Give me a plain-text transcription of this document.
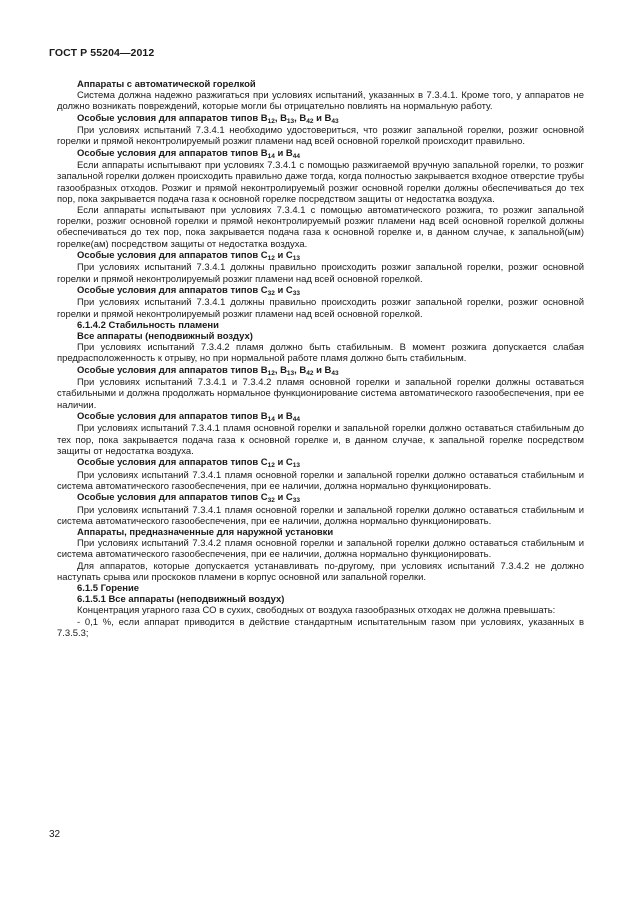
ГОСТ Р 55204—2012

Аппараты с автоматической горелкой

Система должна надежно разжигаться при условиях испытаний, указанных в 7.3.4.1. Кроме того, у аппаратов не должно возникать повреждений, которые могли бы отрицательно повлиять на нормальную работу.

Особые условия для аппаратов типов $В_{12}$, $В_{13}$, $В_{42}$ и $В_{43}$

При условиях испытаний 7.3.4.1 необходимо удостовериться, что розжиг запальной горелки, розжиг основной горелки и прямой неконтролируемый розжиг пламени над всей основной горелкой происходит правильно.

Особые условия для аппаратов типов $В_{14}$ и $В_{44}$

Если аппараты испытывают при условиях 7.3.4.1 с помощью разжигаемой вручную запальной горелки, то розжиг запальной горелки должен происходить правильно даже тогда, когда полностью закрывается входное отверстие трубы газообразных отходов. Розжиг и прямой неконтролируемый розжиг основной горелки должны обеспечиваться до тех пор, пока закрывается подача газа к основной горелке посредством защиты от недостатка воздуха.

Если аппараты испытывают при условиях 7.3.4.1 с помощью автоматического розжига, то розжиг запальной горелки, розжиг основной горелки и прямой неконтролируемый розжиг пламени над всей основной горелкой должны обеспечиваться до тех пор, пока закрывается подача газа к основной горелке и, в данном случае, к запальной(ым) горелке(ам) посредством защиты от недостатка воздуха.

Особые условия для аппаратов типов $С_{12}$ и $С_{13}$

При условиях испытаний 7.3.4.1 должны правильно происходить розжиг запальной горелки, розжиг основной горелки и прямой неконтролируемый розжиг пламени над всей основной горелкой.

Особые условия для аппаратов типов $С_{32}$ и $С_{33}$

При условиях испытаний 7.3.4.1 должны правильно происходить розжиг запальной горелки, розжиг основной горелки и прямой неконтролируемый розжиг пламени над всей основной горелкой.

6.1.4.2 Стабильность пламени

Все аппараты (неподвижный воздух)

При условиях испытаний 7.3.4.2 пламя должно быть стабильным. В момент розжига допускается слабая предрасположенность к отрыву, но при нормальной работе пламя должно быть стабильным.

Особые условия для аппаратов типов $В_{12}$, $В_{13}$, $В_{42}$ и $В_{43}$

При условиях испытаний 7.3.4.1 и 7.3.4.2 пламя основной горелки и запальной горелки должны оставаться стабильными и должна продолжать нормальное функционирование система автоматического газообеспечения, при ее наличии.

Особые условия для аппаратов типов $В_{14}$ и $В_{44}$

При условиях испытаний 7.3.4.1 пламя основной горелки и запальной горелки должно оставаться стабильным до тех пор, пока закрывается подача газа к основной горелке и, в данном случае, к запальной горелке посредством защиты от недостатка воздуха.

Особые условия для аппаратов типов $С_{12}$ и $С_{13}$

При условиях испытаний 7.3.4.1 пламя основной горелки и запальной горелки должно оставаться стабильным и система автоматического газообеспечения, при ее наличии, должна нормально функционировать.

Особые условия для аппаратов типов $С_{32}$ и $С_{33}$

При условиях испытаний 7.3.4.1 пламя основной горелки и запальной горелки должно оставаться стабильным и система автоматического газообеспечения, при ее наличии, должна нормально функционировать.

Аппараты, предназначенные для наружной установки

При условиях испытаний 7.3.4.2 пламя основной горелки и запальной горелки должно оставаться стабильным и система автоматического газообеспечения, при ее наличии, должна нормально функционировать.

Для аппаратов, которые допускается устанавливать по-другому, при условиях испытаний 7.3.4.2 не должно наступать срыва или проскоков пламени в корпус основной или запальной горелки.

6.1.5 Горение

6.1.5.1 Все аппараты (неподвижный воздух)

Концентрация угарного газа СО в сухих, свободных от воздуха газообразных отходах не должна превышать:

- 0,1 %, если аппарат приводится в действие стандартным испытательным газом при условиях, указанных в 7.3.5.3;

32
